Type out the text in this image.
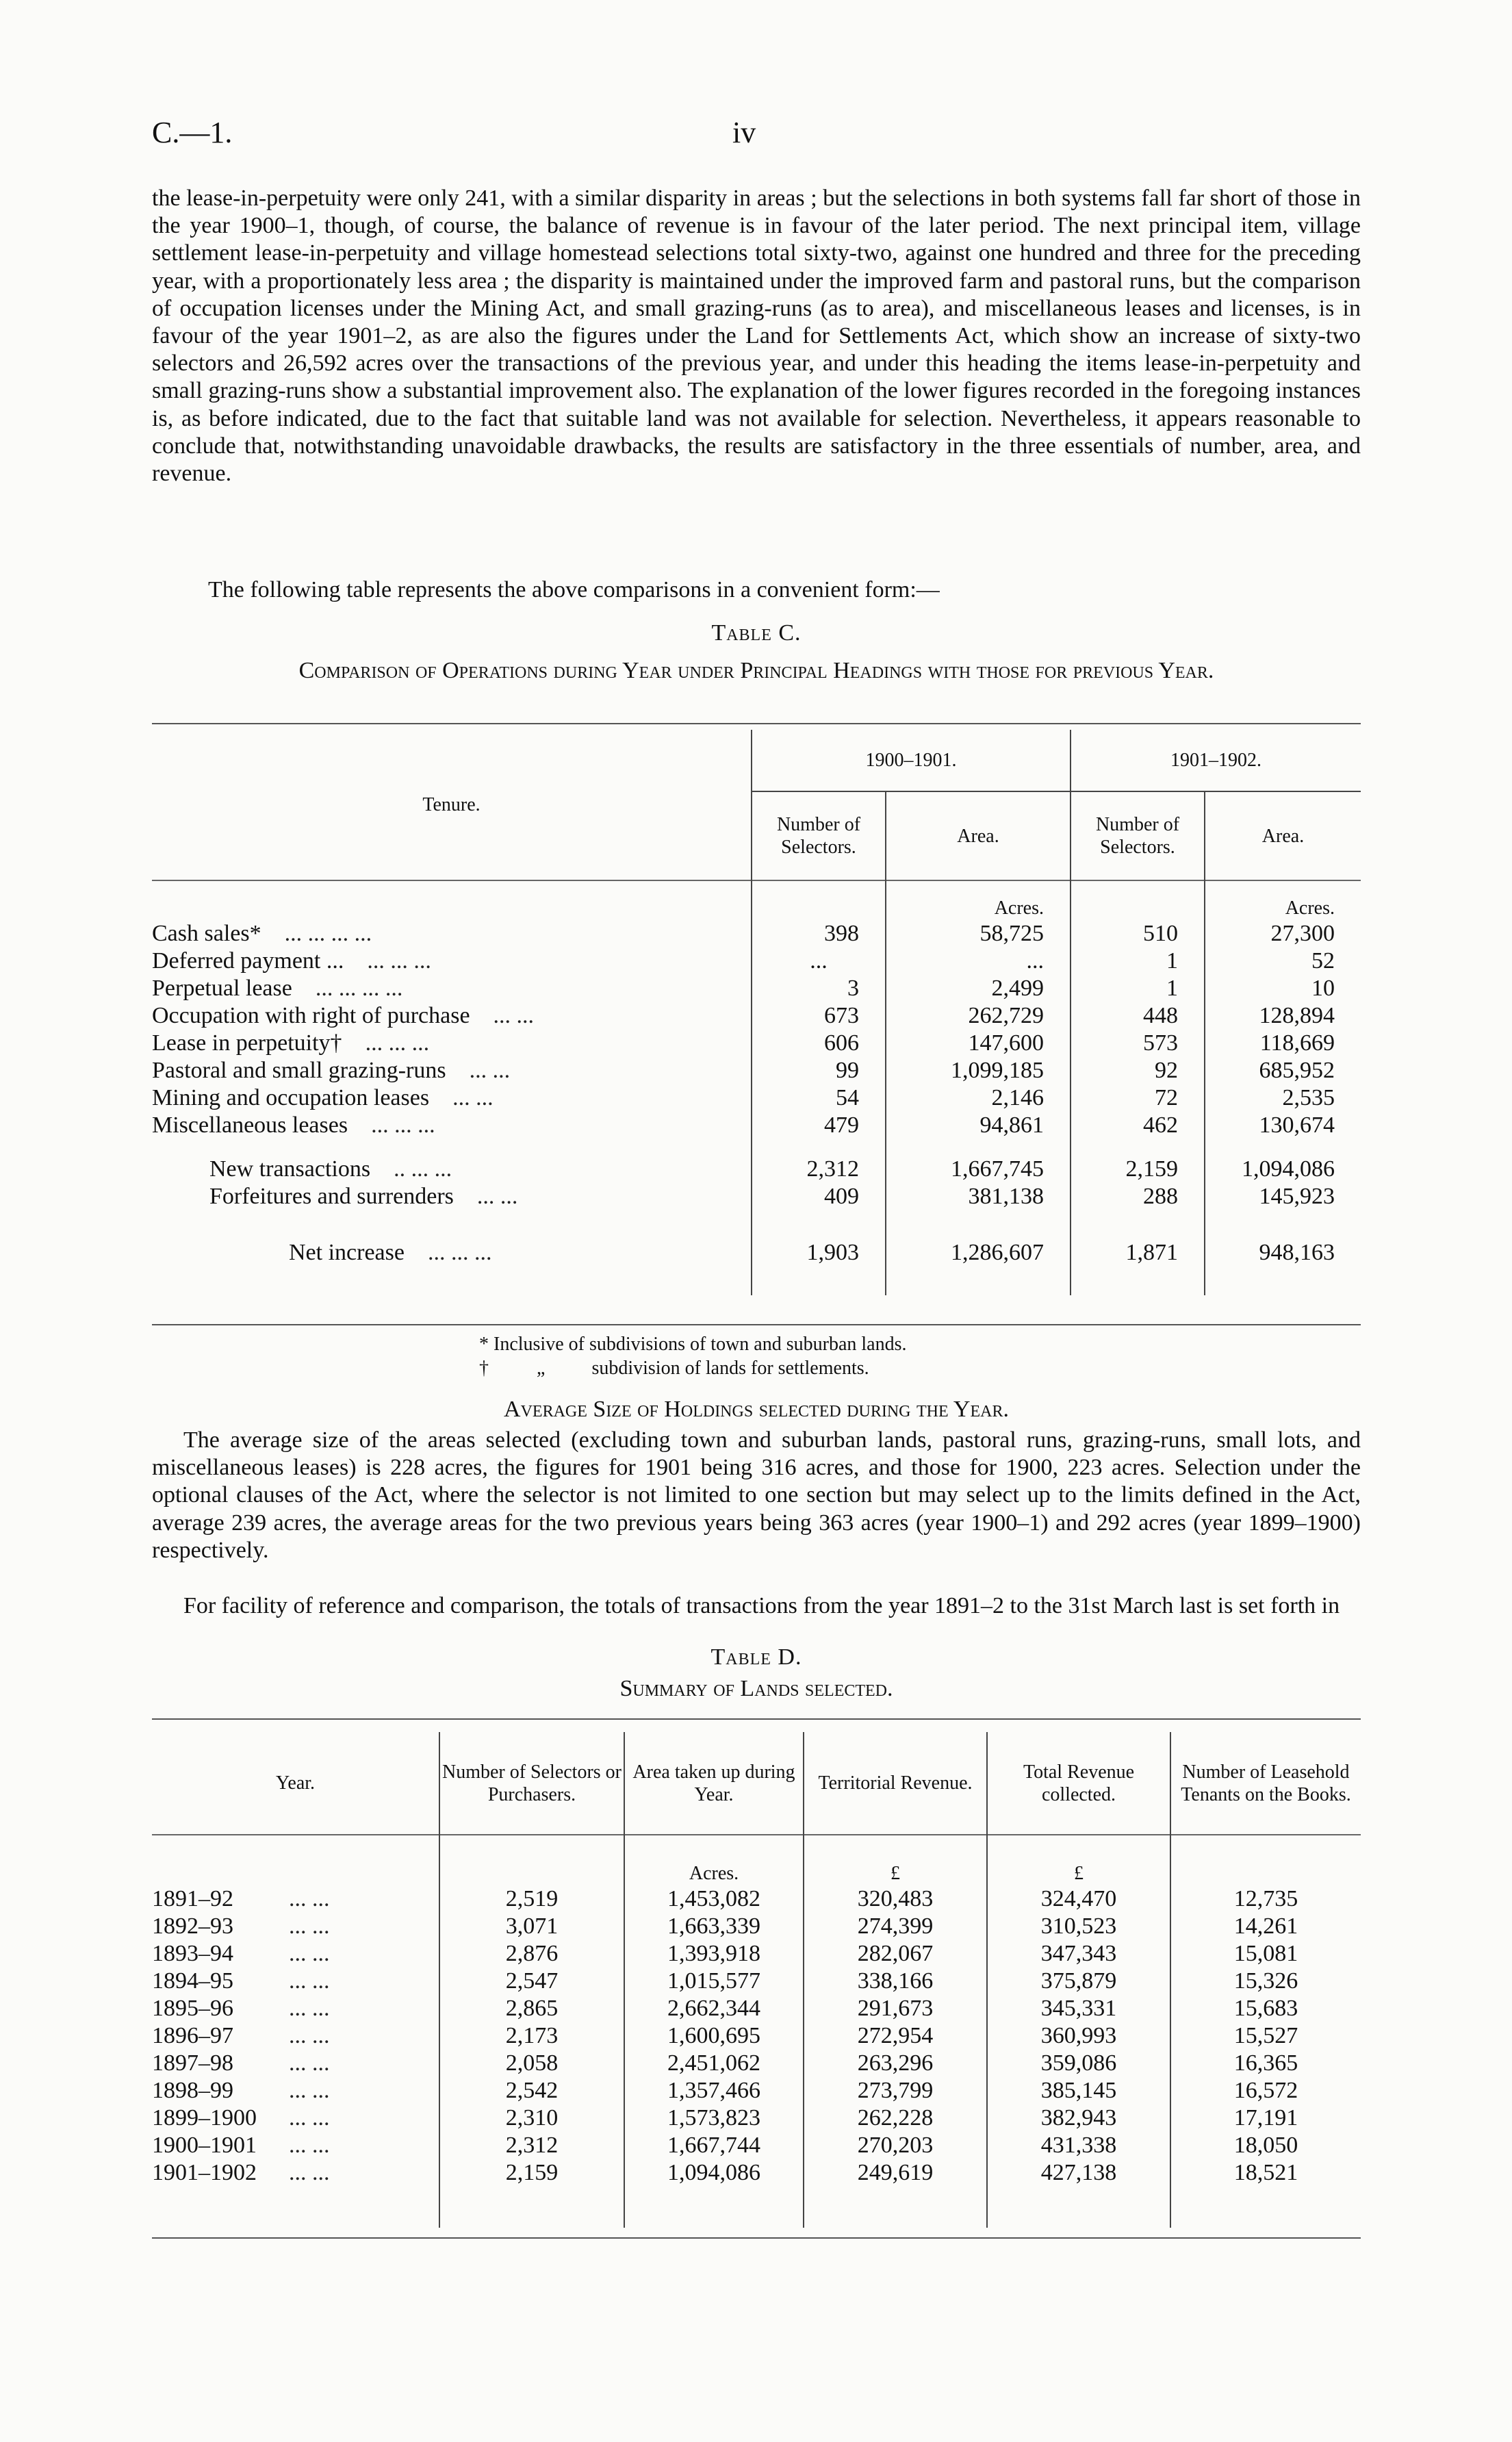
C.—1.	iv

the lease-in-perpetuity were only 241, with a similar disparity in areas ; but the selections in both systems fall far short of those in the year 1900–1, though, of course, the balance of revenue is in favour of the later period. The next principal item, village settlement lease-in-perpetuity and village homestead selections total sixty-two, against one hundred and three for the preceding year, with a proportionately less area ; the disparity is maintained under the improved farm and pastoral runs, but the comparison of occupation licenses under the Mining Act, and small grazing-runs (as to area), and miscellaneous leases and licenses, is in favour of the year 1901–2, as are also the figures under the Land for Settlements Act, which show an increase of sixty-two selectors and 26,592 acres over the transactions of the previous year, and under this heading the items lease-in-perpetuity and small grazing-runs show a substantial improvement also. The explanation of the lower figures recorded in the foregoing instances is, as before indicated, due to the fact that suitable land was not available for selection. Nevertheless, it appears reasonable to conclude that, notwithstanding unavoidable drawbacks, the results are satisfactory in the three essentials of number, area, and revenue.

The following table represents the above comparisons in a convenient form:—

Table C.
Comparison of Operations during Year under Principal Headings with those for previous Year.
Tenure.	1900–1901.		1901–1902.	
	Number of Selectors.	Area.	Number of Selectors.	Area.
		Acres.		Acres.
Cash sales* ... ... ... ...	398	58,725	510	27,300
Deferred payment ... ... ... ...	...	...	1	52
Perpetual lease ... ... ... ...	3	2,499	1	10
Occupation with right of purchase ... ...	673	262,729	448	128,894
Lease in perpetuity† ... ... ...	606	147,600	573	118,669
Pastoral and small grazing-runs ... ...	99	1,099,185	92	685,952
Mining and occupation leases ... ...	54	2,146	72	2,535
Miscellaneous leases ... ... ...	479	94,861	462	130,674

New transactions .. ... ...	2,312	1,667,745	2,159	1,094,086
Forfeitures and surrenders ... ...	409	381,138	288	145,923

Net increase ... ... ...	1,903	1,286,607	1,871	948,163

* Inclusive of subdivisions of town and suburban lands.
†	„ subdivision of lands for settlements.
Average Size of Holdings selected during the Year.

The average size of the areas selected (excluding town and suburban lands, pastoral runs, grazing-runs, small lots, and miscellaneous leases) is 228 acres, the figures for 1901 being 316 acres, and those for 1900, 223 acres. Selection under the optional clauses of the Act, where the selector is not limited to one section but may select up to the limits defined in the Act, average 239 acres, the average areas for the two previous years being 363 acres (year 1900–1) and 292 acres (year 1899–1900) respectively.

For facility of reference and comparison, the totals of transactions from the year 1891–2 to the 31st March last is set forth in

Table D.
Summary of Lands selected.
Year.	Number of Selectors or Purchasers.	Area taken up during Year.	Territorial Revenue.	Total Revenue collected.	Number of Leasehold Tenants on the Books.
		Acres.	£	£	
1891–92 ... ...	2,519	1,453,082	320,483	324,470	12,735
1892–93 ... ...	3,071	1,663,339	274,399	310,523	14,261
1893–94 ... ...	2,876	1,393,918	282,067	347,343	15,081
1894–95 ... ...	2,547	1,015,577	338,166	375,879	15,326
1895–96 ... ...	2,865	2,662,344	291,673	345,331	15,683
1896–97 ... ...	2,173	1,600,695	272,954	360,993	15,527
1897–98 ... ...	2,058	2,451,062	263,296	359,086	16,365
1898–99 ... ...	2,542	1,357,466	273,799	385,145	16,572
1899–1900 ... ...	2,310	1,573,823	262,228	382,943	17,191
1900–1901 ... ...	2,312	1,667,744	270,203	431,338	18,050
1901–1902 ... ...	2,159	1,094,086	249,619	427,138	18,521
